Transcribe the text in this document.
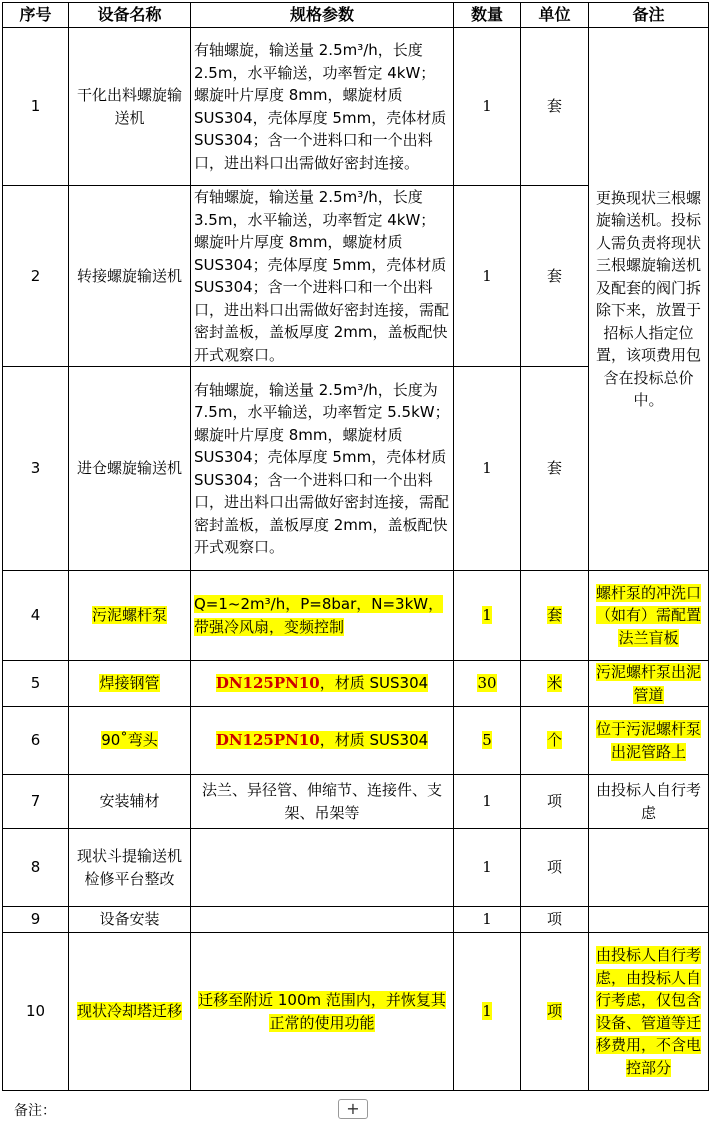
序号	设备名称	规格参数	数量	单位	备注
1	干化出料螺旋输送机	有轴螺旋，输送量 2.5m³/h，长度 2.5m，水平输送，功率暂定 4kW；螺旋叶片厚度 8mm，螺旋材质 SUS304，壳体厚度 5mm，壳体材质 SUS304；含一个进料口和一个出料口，进出料口出需做好密封连接。	1	套	更换现状三根螺旋输送机。投标人需负责将现状三根螺旋输送机及配套的阀门拆除下来，放置于招标人指定位置，该项费用包含在投标总价中。
2	转接螺旋输送机	有轴螺旋，输送量 2.5m³/h，长度 3.5m，水平输送，功率暂定 4kW；螺旋叶片厚度 8mm，螺旋材质 SUS304；壳体厚度 5mm，壳体材质 SUS304；含一个进料口和一个出料口，进出料口出需做好密封连接，需配密封盖板，盖板厚度 2mm，盖板配快开式观察口。	1	套	
3	进仓螺旋输送机	有轴螺旋，输送量 2.5m³/h，长度为 7.5m，水平输送，功率暂定 5.5kW；螺旋叶片厚度 8mm，螺旋材质 SUS304；壳体厚度 5mm，壳体材质 SUS304；含一个进料口和一个出料口，进出料口出需做好密封连接，需配密封盖板，盖板厚度 2mm，盖板配快开式观察口。	1	套	
4	污泥螺杆泵	Q=1~2m³/h，P=8bar，N=3kW，带强冷风扇，变频控制	1	套	螺杆泵的冲洗口（如有）需配置法兰盲板
5	焊接钢管	DN125PN10，材质 SUS304	30	米	污泥螺杆泵出泥管道
6	90˚弯头	DN125PN10，材质 SUS304	5	个	位于污泥螺杆泵出泥管路上
7	安装辅材	法兰、异径管、伸缩节、连接件、支架、吊架等	1	项	由投标人自行考虑
8	现状斗提输送机检修平台整改		1	项	
9	设备安装		1	项	
10	现状冷却塔迁移	迁移至附近 100m 范围内，并恢复其正常的使用功能	1	项	由投标人自行考虑，由投标人自行考虑，仅包含设备、管道等迁移费用，不含电控部分
备注：	+
